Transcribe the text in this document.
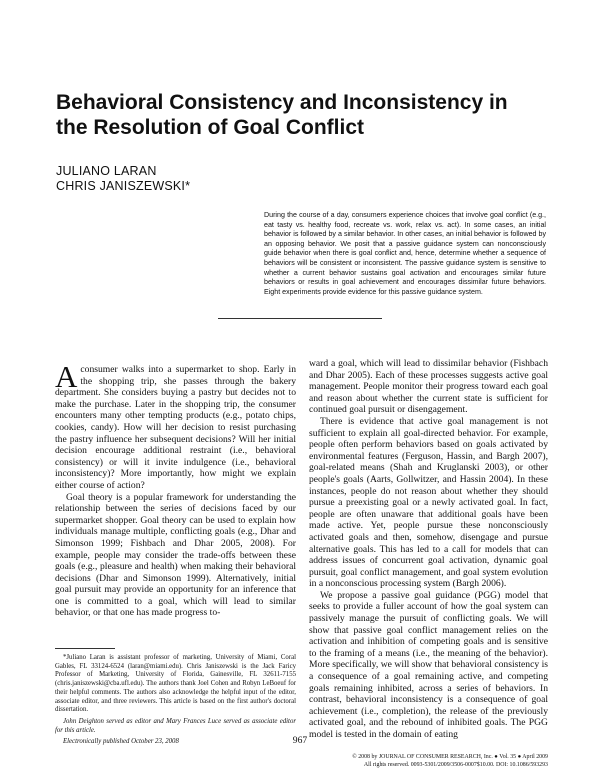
Behavioral Consistency and Inconsistency in
the Resolution of Goal Conflict
JULIANO LARAN
CHRIS JANISZEWSKI*
During the course of a day, consumers experience choices that involve goal conflict (e.g., eat tasty vs. healthy food, recreate vs. work, relax vs. act). In some cases, an initial behavior is followed by a similar behavior. In other cases, an initial behavior is followed by an opposing behavior. We posit that a passive guidance system can nonconsciously guide behavior when there is goal conflict and, hence, determine whether a sequence of behaviors will be consistent or inconsistent. The passive guidance system is sensitive to whether a current behavior sustains goal activation and encourages similar future behaviors or results in goal achievement and encourages dissimilar future behaviors. Eight experiments provide evidence for this passive guidance system.

Aconsumer walks into a supermarket to shop. Early in the shopping trip, she passes through the bakery department. She considers buying a pastry but decides not to make the purchase. Later in the shopping trip, the consumer encounters many other tempting products (e.g., potato chips, cookies, candy). How will her decision to resist purchasing the pastry influence her subsequent decisions? Will her initial decision encourage additional restraint (i.e., behavioral consistency) or will it invite indulgence (i.e., behavioral inconsistency)? More importantly, how might we explain either course of action?

Goal theory is a popular framework for understanding the relationship between the series of decisions faced by our supermarket shopper. Goal theory can be used to explain how individuals manage multiple, conflicting goals (e.g., Dhar and Simonson 1999; Fishbach and Dhar 2005, 2008). For example, people may consider the trade-offs between these goals (e.g., pleasure and health) when making their behavioral decisions (Dhar and Simonson 1999). Alternatively, initial goal pursuit may provide an opportunity for an inference that one is committed to a goal, which will lead to similar behavior, or that one has made progress to-

ward a goal, which will lead to dissimilar behavior (Fishbach and Dhar 2005). Each of these processes suggests active goal management. People monitor their progress toward each goal and reason about whether the current state is sufficient for continued goal pursuit or disengagement.

There is evidence that active goal management is not sufficient to explain all goal-directed behavior. For example, people often perform behaviors based on goals activated by environmental features (Ferguson, Hassin, and Bargh 2007), goal-related means (Shah and Kruglanski 2003), or other people's goals (Aarts, Gollwitzer, and Hassin 2004). In these instances, people do not reason about whether they should pursue a preexisting goal or a newly activated goal. In fact, people are often unaware that additional goals have been made active. Yet, people pursue these nonconsciously activated goals and then, somehow, disengage and pursue alternative goals. This has led to a call for models that can address issues of concurrent goal activation, dynamic goal pursuit, goal conflict management, and goal system evolution in a nonconscious processing system (Bargh 2006).

We propose a passive goal guidance (PGG) model that seeks to provide a fuller account of how the goal system can passively manage the pursuit of conflicting goals. We will show that passive goal conflict management relies on the activation and inhibition of competing goals and is sensitive to the framing of a means (i.e., the meaning of the behavior). More specifically, we will show that behavioral consistency is a consequence of a goal remaining active, and competing goals remaining inhibited, across a series of behaviors. In contrast, behavioral inconsistency is a consequence of goal achievement (i.e., completion), the release of the previously activated goal, and the rebound of inhibited goals. The PGG model is tested in the domain of eating

*Juliano Laran is assistant professor of marketing, University of Miami, Coral Gables, FL 33124-6524 (laran@miami.edu). Chris Janiszewski is the Jack Faricy Professor of Marketing, University of Florida, Gainesville, FL 32611-7155 (chris.janiszewski@cba.ufl.edu). The authors thank Joel Cohen and Robyn LeBoeuf for their helpful comments. The authors also acknowledge the helpful input of the editor, associate editor, and three reviewers. This article is based on the first author's doctoral dissertation.

John Deighton served as editor and Mary Frances Luce served as associate editor for this article.

Electronically published October 23, 2008	967
© 2008 by JOURNAL OF CONSUMER RESEARCH, Inc. ● Vol. 35 ● April 2009
All rights reserved. 0093-5301/2009/3506-0007$10.00. DOI: 10.1086/593293
